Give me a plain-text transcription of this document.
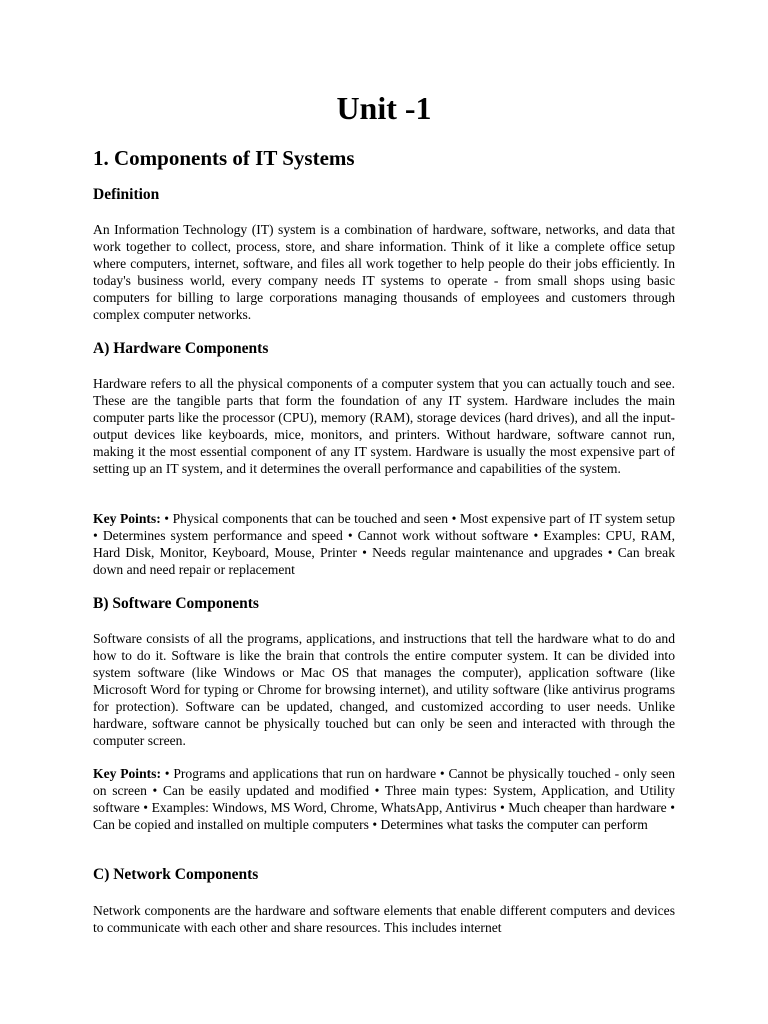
Unit -1
1. Components of IT Systems
Definition

An Information Technology (IT) system is a combination of hardware, software, networks, and data that work together to collect, process, store, and share information. Think of it like a complete office setup where computers, internet, software, and files all work together to help people do their jobs efficiently. In today's business world, every company needs IT systems to operate - from small shops using basic computers for billing to large corporations managing thousands of employees and customers through complex computer networks.

A) Hardware Components

Hardware refers to all the physical components of a computer system that you can actually touch and see. These are the tangible parts that form the foundation of any IT system. Hardware includes the main computer parts like the processor (CPU), memory (RAM), storage devices (hard drives), and all the input-output devices like keyboards, mice, monitors, and printers. Without hardware, software cannot run, making it the most essential component of any IT system. Hardware is usually the most expensive part of setting up an IT system, and it determines the overall performance and capabilities of the system.

Key Points: • Physical components that can be touched and seen • Most expensive part of IT system setup • Determines system performance and speed • Cannot work without software • Examples: CPU, RAM, Hard Disk, Monitor, Keyboard, Mouse, Printer • Needs regular maintenance and upgrades • Can break down and need repair or replacement

B) Software Components

Software consists of all the programs, applications, and instructions that tell the hardware what to do and how to do it. Software is like the brain that controls the entire computer system. It can be divided into system software (like Windows or Mac OS that manages the computer), application software (like Microsoft Word for typing or Chrome for browsing internet), and utility software (like antivirus programs for protection). Software can be updated, changed, and customized according to user needs. Unlike hardware, software cannot be physically touched but can only be seen and interacted with through the computer screen.

Key Points: • Programs and applications that run on hardware • Cannot be physically touched - only seen on screen • Can be easily updated and modified • Three main types: System, Application, and Utility software • Examples: Windows, MS Word, Chrome, WhatsApp, Antivirus • Much cheaper than hardware • Can be copied and installed on multiple computers • Determines what tasks the computer can perform

C) Network Components

Network components are the hardware and software elements that enable different computers and devices to communicate with each other and share resources. This includes internet
